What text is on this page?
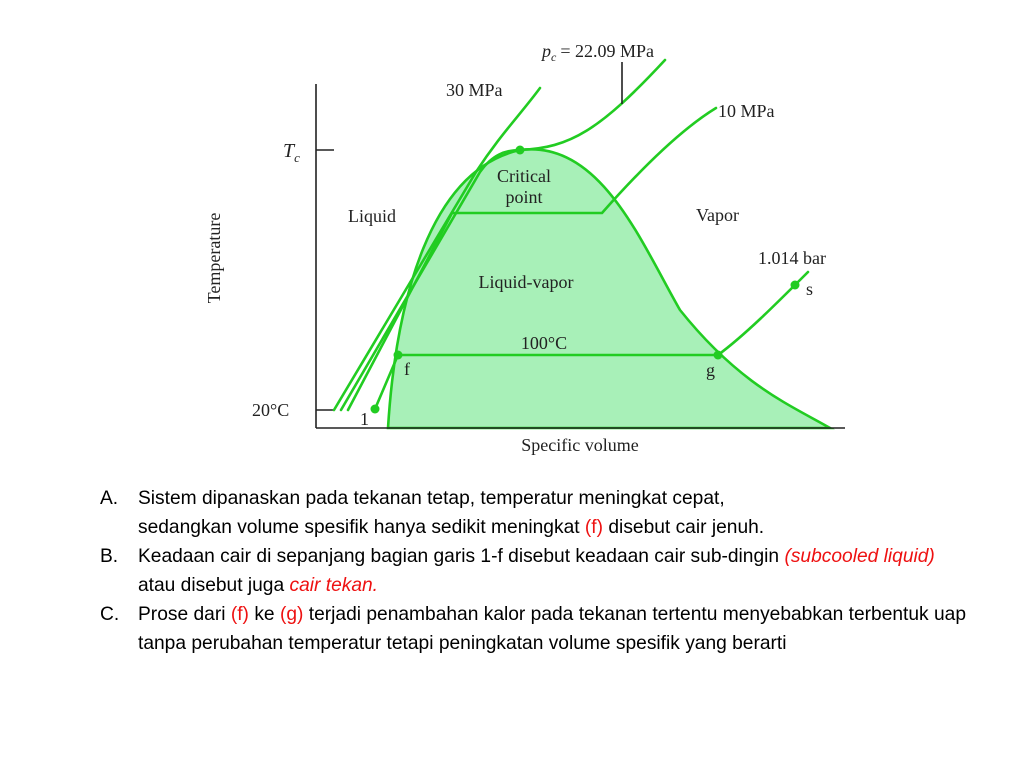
$p_c = 22.09$ MPa
30 MPa
10 MPa
1.014 bar
$T_c$
20°C
Temperature
Specific volume
Liquid	Vapor
Critical
point
Liquid-vapor
100°C
f	g
1
s
A.	Sistem dipanaskan pada tekanan tetap, temperatur meningkat cepat,
sedangkan volume spesifik hanya sedikit meningkat (f) disebut cair jenuh.
B.	Keadaan cair di sepanjang bagian garis 1-f disebut keadaan cair sub-dingin (subcooled liquid) atau disebut juga cair tekan.
C. Prose dari (f) ke (g) terjadi penambahan kalor pada tekanan tertentu menyebabkan terbentuk uap tanpa perubahan temperatur tetapi peningkatan volume spesifik yang berarti
